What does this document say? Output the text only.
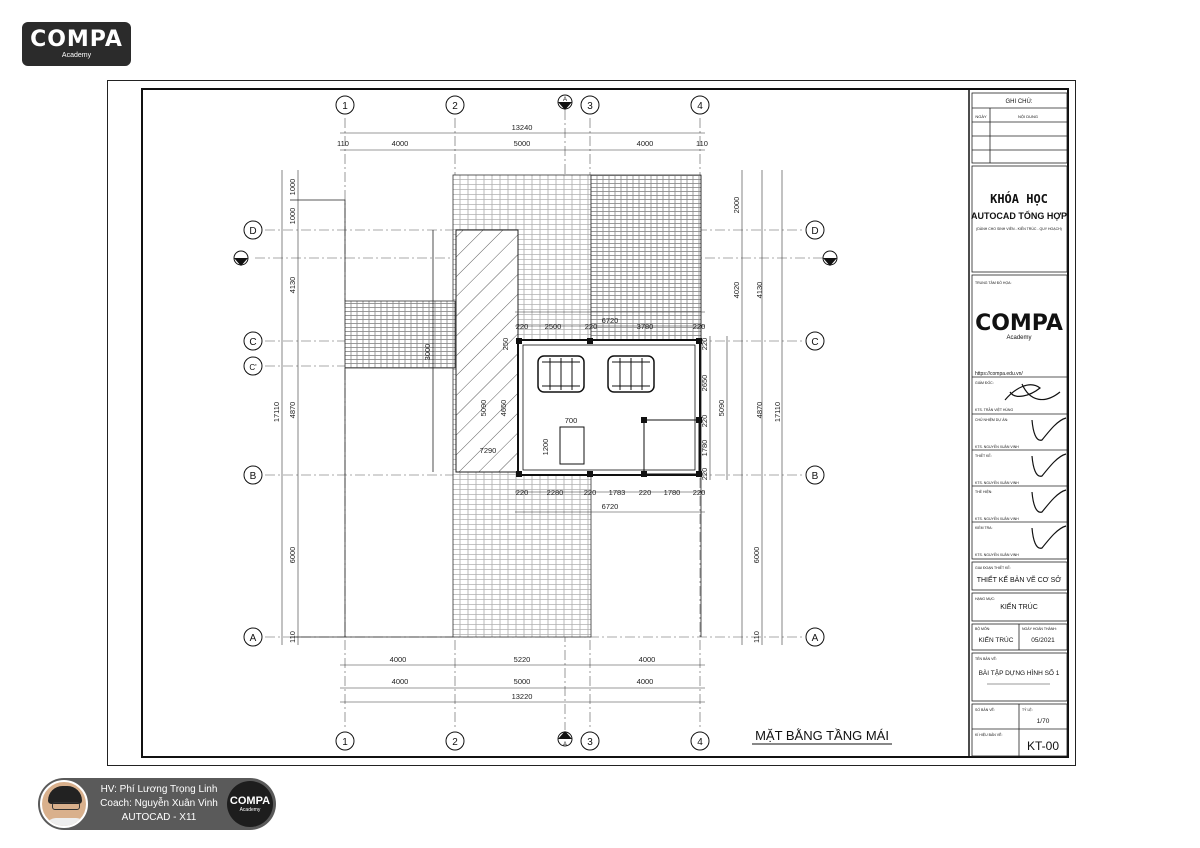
COMPA
Academy
13240
4000	5000	4000
110	110
4000	5220	4000
4000	5000	4000
13220
6720
220 2500	220	3780	220
220 2280	220 1783 220 1780 220
6720
700
7290
17110
1000
1000
4130
4870
6000
110
2000
4020
6000
110
4130
4870 17110
220
2650
220
1780
220
5090
250
5090 4650
1200
3000
1	2	3	4
1	2	3	4
D
C
C'
B
A
D
C
B
A
A
A
MẶT BẰNG TẦNG MÁI
GHI CHÚ:
NGÀY	NỘI DUNG
KHÓA HỌC
AUTOCAD TỔNG HỢP
(DÀNH CHO SINH VIÊN - KIẾN TRÚC - QUY HOẠCH)
TRUNG TÂM ĐỒ HỌA:
COMPA
Academy
https://compa.edu.vn/
GIÁM ĐỐC:
KTS. TRẦN VIỆT HÙNG
CHỦ NHIỆM DỰ ÁN:
KTS. NGUYỄN XUÂN VINH
THIẾT KẾ:
KTS. NGUYỄN XUÂN VINH
THỂ HIỆN:
KTS. NGUYỄN XUÂN VINH
KIỂM TRA:
KTS. NGUYỄN XUÂN VINH
GIAI ĐOẠN THIẾT KẾ:
THIẾT KẾ BẢN VẼ CƠ SỞ
HẠNG MỤC:
KIẾN TRÚC
BỘ MÔN:
KIẾN TRÚC
NGÀY HOÀN THÀNH:
05/2021
TÊN BẢN VẼ:
BÀI TẬP DỰNG HÌNH SỐ 1
SỐ BẢN VẼ:	TỶ LỆ:
1/70
KÍ HIỆU BẢN VẼ:
KT-00
HV: Phí Lương Trọng Linh
Coach: Nguyễn Xuân Vinh
AUTOCAD - X11
COMPA
Academy
